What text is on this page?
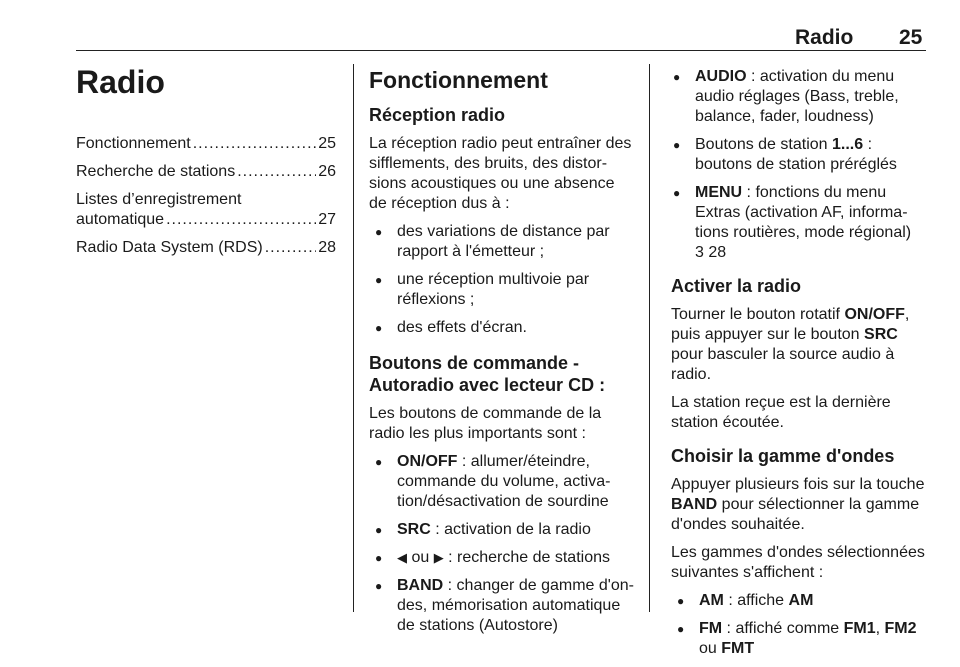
Radio 25
Radio
Fonctionnement .....	25
Recherche de stations .....	26
Listes d’enregistrement
automatique .....	27
Radio Data System (RDS) .....	28
Fonctionnement
Réception radio

La réception radio peut entraîner des sifflements, des bruits, des distor-sions acoustiques ou une absence de réception dus à :

● des variations de distance par rapport à l'émetteur ;
● une réception multivoie par réflexions ;
● des effets d'écran.
Boutons de commande - Autoradio avec lecteur CD :

Les boutons de commande de la radio les plus importants sont :

● ON/OFF : allumer/éteindre, commande du volume, activa-tion/désactivation de sourdine
● SRC : activation de la radio
● ◀ ou ▶ : recherche de stations
● BAND : changer de gamme d'on-des, mémorisation automatique de stations (Autostore)
● AUDIO : activation du menu audio réglages (Bass, treble, balance, fader, loudness)
● Boutons de station 1...6 : boutons de station préréglés
● MENU : fonctions du menu Extras (activation AF, informa-tions routières, mode régional)
3 28
Activer la radio

Tourner le bouton rotatif ON/OFF, puis appuyer sur le bouton SRC pour basculer la source audio à radio.

La station reçue est la dernière station écoutée.

Choisir la gamme d'ondes

Appuyer plusieurs fois sur la touche BAND pour sélectionner la gamme d'ondes souhaitée.

Les gammes d'ondes sélectionnées suivantes s'affichent :

● AM : affiche AM
● FM : affiché comme FM1, FM2 ou FMT
